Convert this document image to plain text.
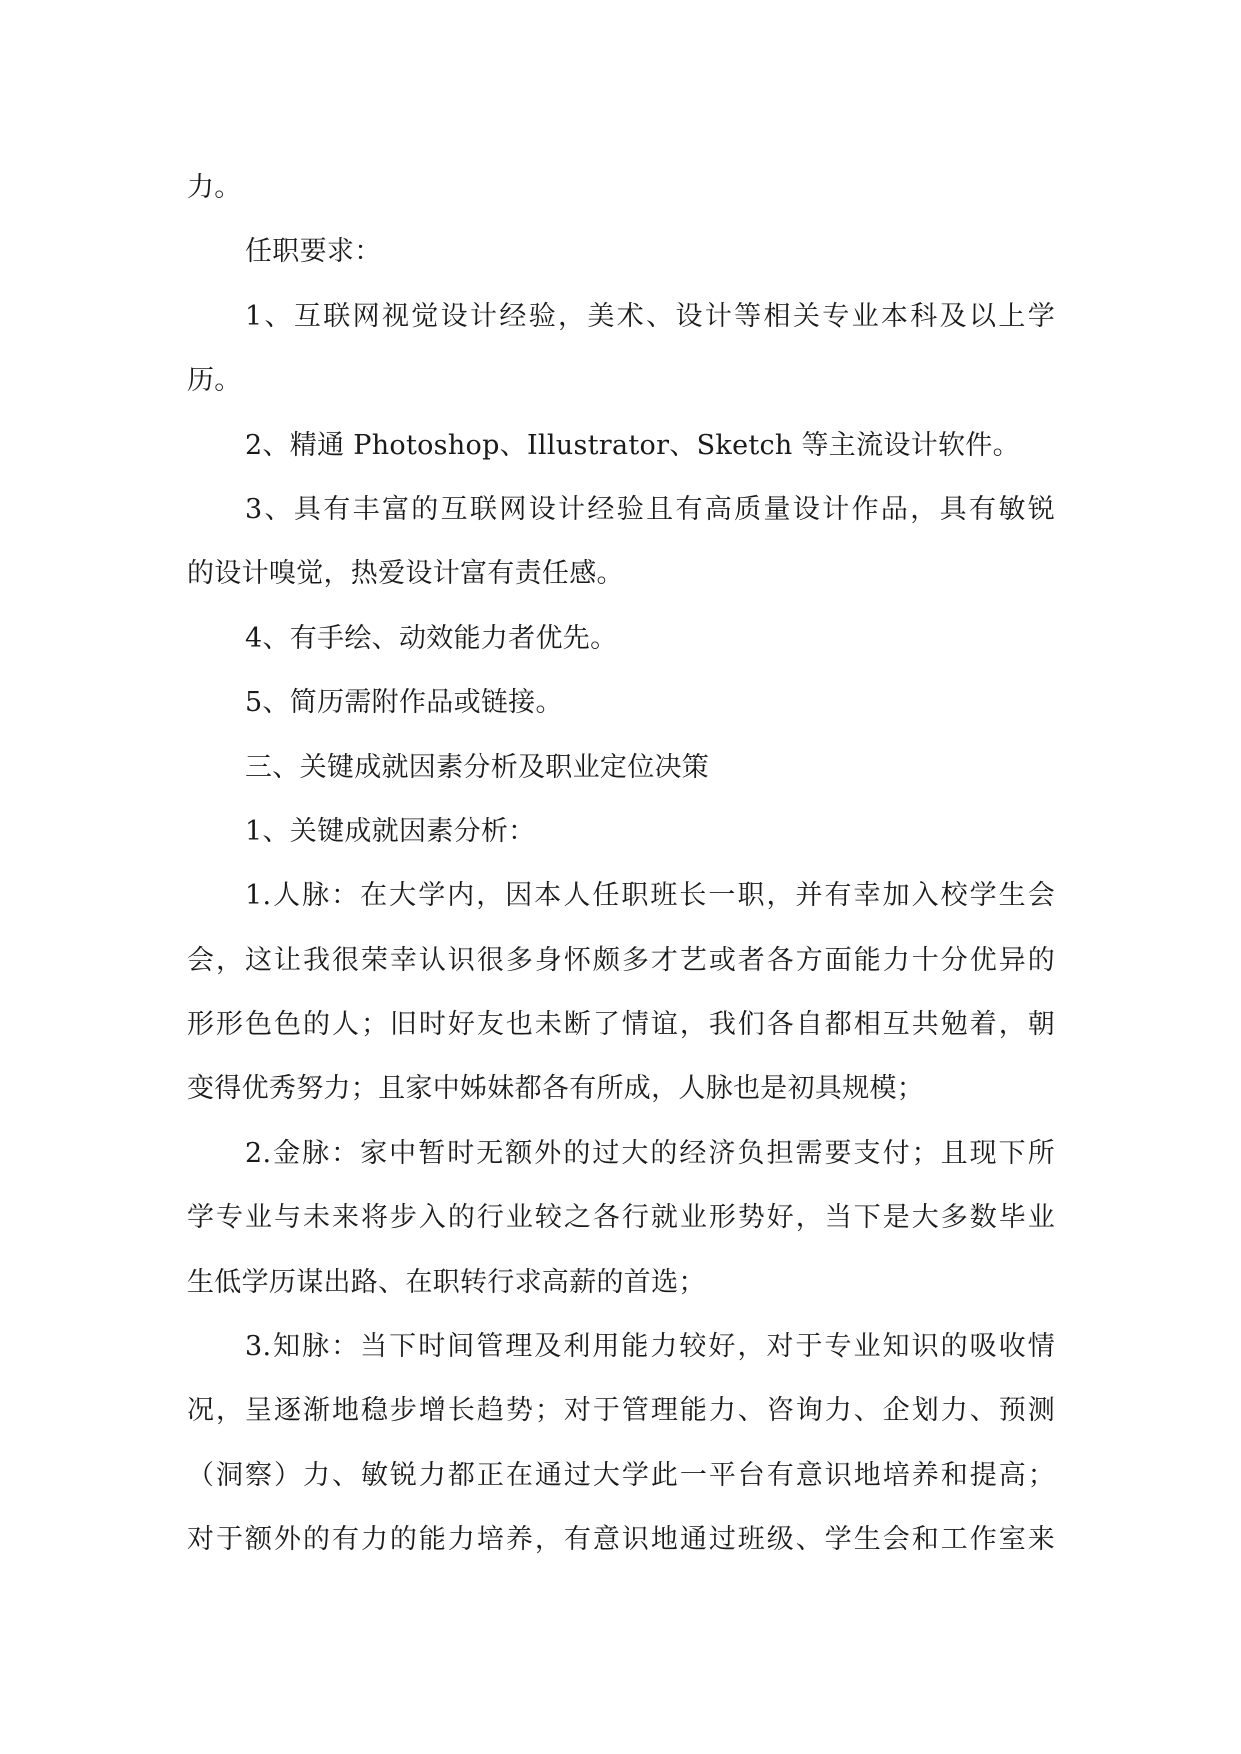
力。

任职要求：

1、互联网视觉设计经验，美术、设计等相关专业本科及以上学
历。

2、精通 Photoshop、Illustrator、Sketch 等主流设计软件。

3、具有丰富的互联网设计经验且有高质量设计作品，具有敏锐
的设计嗅觉，热爱设计富有责任感。

4、有手绘、动效能力者优先。

5、简历需附作品或链接。

三、关键成就因素分析及职业定位决策

1、关键成就因素分析：

1.人脉：在大学内，因本人任职班长一职，并有幸加入校学生会
会，这让我很荣幸认识很多身怀颇多才艺或者各方面能力十分优异的
形形色色的人；旧时好友也未断了情谊，我们各自都相互共勉着，朝
变得优秀努力；且家中姊妹都各有所成，人脉也是初具规模；

2.金脉：家中暂时无额外的过大的经济负担需要支付；且现下所
学专业与未来将步入的行业较之各行就业形势好，当下是大多数毕业
生低学历谋出路、在职转行求高薪的首选；

3.知脉：当下时间管理及利用能力较好，对于专业知识的吸收情
况，呈逐渐地稳步增长趋势；对于管理能力、咨询力、企划力、预测
（洞察）力、敏锐力都正在通过大学此一平台有意识地培养和提高；
对于额外的有力的能力培养，有意识地通过班级、学生会和工作室来
